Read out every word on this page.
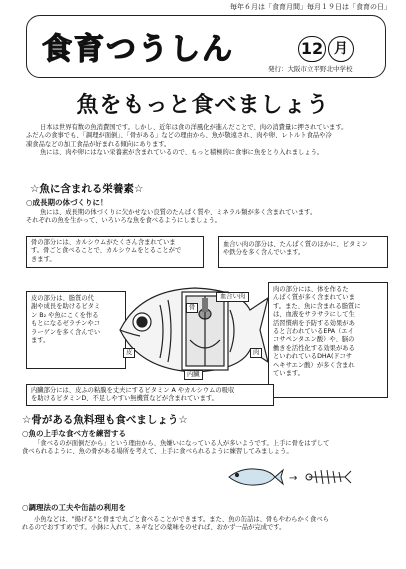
毎年６月は「食育月間」毎月１９日は「食育の日」
食育つうしん	12 月
発行：大阪市立平野北中学校
魚をもっと食べましょう
日本は世界有数の魚消費国です。しかし、近年は食の洋風化が進んだことで、肉の消費量に押されています。
ふだんの食事でも、「調理が面倒」、「骨がある」などの理由から、魚が敬遠され、肉や卵、レトルト食品や冷
凍食品などの加工食品が好まれる傾向にあります。
魚には、肉や卵にはない栄養素が含まれているので、もっと積極的に食事に魚をとり入れましょう。
☆魚に含まれる栄養素☆
○成長期の体づくりに！
魚には、成長期の体づくりに欠かせない良質のたんぱく質や、ミネラル類が多く含まれています。
それぞれの魚を生かって、いろいろな魚を食べるようにしましょう。
骨の部分には、カルシウムがたくさん含まれていま
す。骨ごと食べることで、カルシウムをとることがで
きます。
血合い肉の部分は、たんぱく質のほかに、ビタミン
や鉄分を多く含んでいます。
皮の部分は、脂質の代
謝や成長を助けるビタミ
ン B₂ や魚にこくを作る
もとになるゼラチンやコ
ラーゲンを多く含んでい
ます。
肉の部分には、体を作るた
んぱく質が多く含まれていま
す。また、魚に含まれる脂質に
は、血液をサラサラにして生
活習慣病を予防する効果があ
ると言われているEPA（エイ
コサペンタエン酸）や、脳の
働きを活性化する効果がある
といわれているDHA(ドコサ
ヘキサエン酸）が多く含まれ
ています。
血合い肉
骨
皮	肉
内臓
内臓部分には、皮ふの粘膜を丈夫にするビタミン A やカルシウムの吸収
を助けるビタミンD、不足しやすい無機質などが含まれています。
☆骨がある魚料理も食べましょう☆
○魚の上手な食べ方を練習する
「食べるのが面倒だから」という理由から、魚嫌いになっている人が多いようです。上手に骨をはずして
食べられるように、魚の骨がある場所を考えて、上手に食べられるように練習してみましょう。
→
○調理法の工夫や缶詰の利用を
小魚などは、"揚げる"と骨まで丸ごと食べることができます。また、魚の缶詰は、骨もやわらかく食べら
れるのでおすすめです。小鉢に入れて、ネギなどの薬味をのせれば、おかず一品が完成です。
